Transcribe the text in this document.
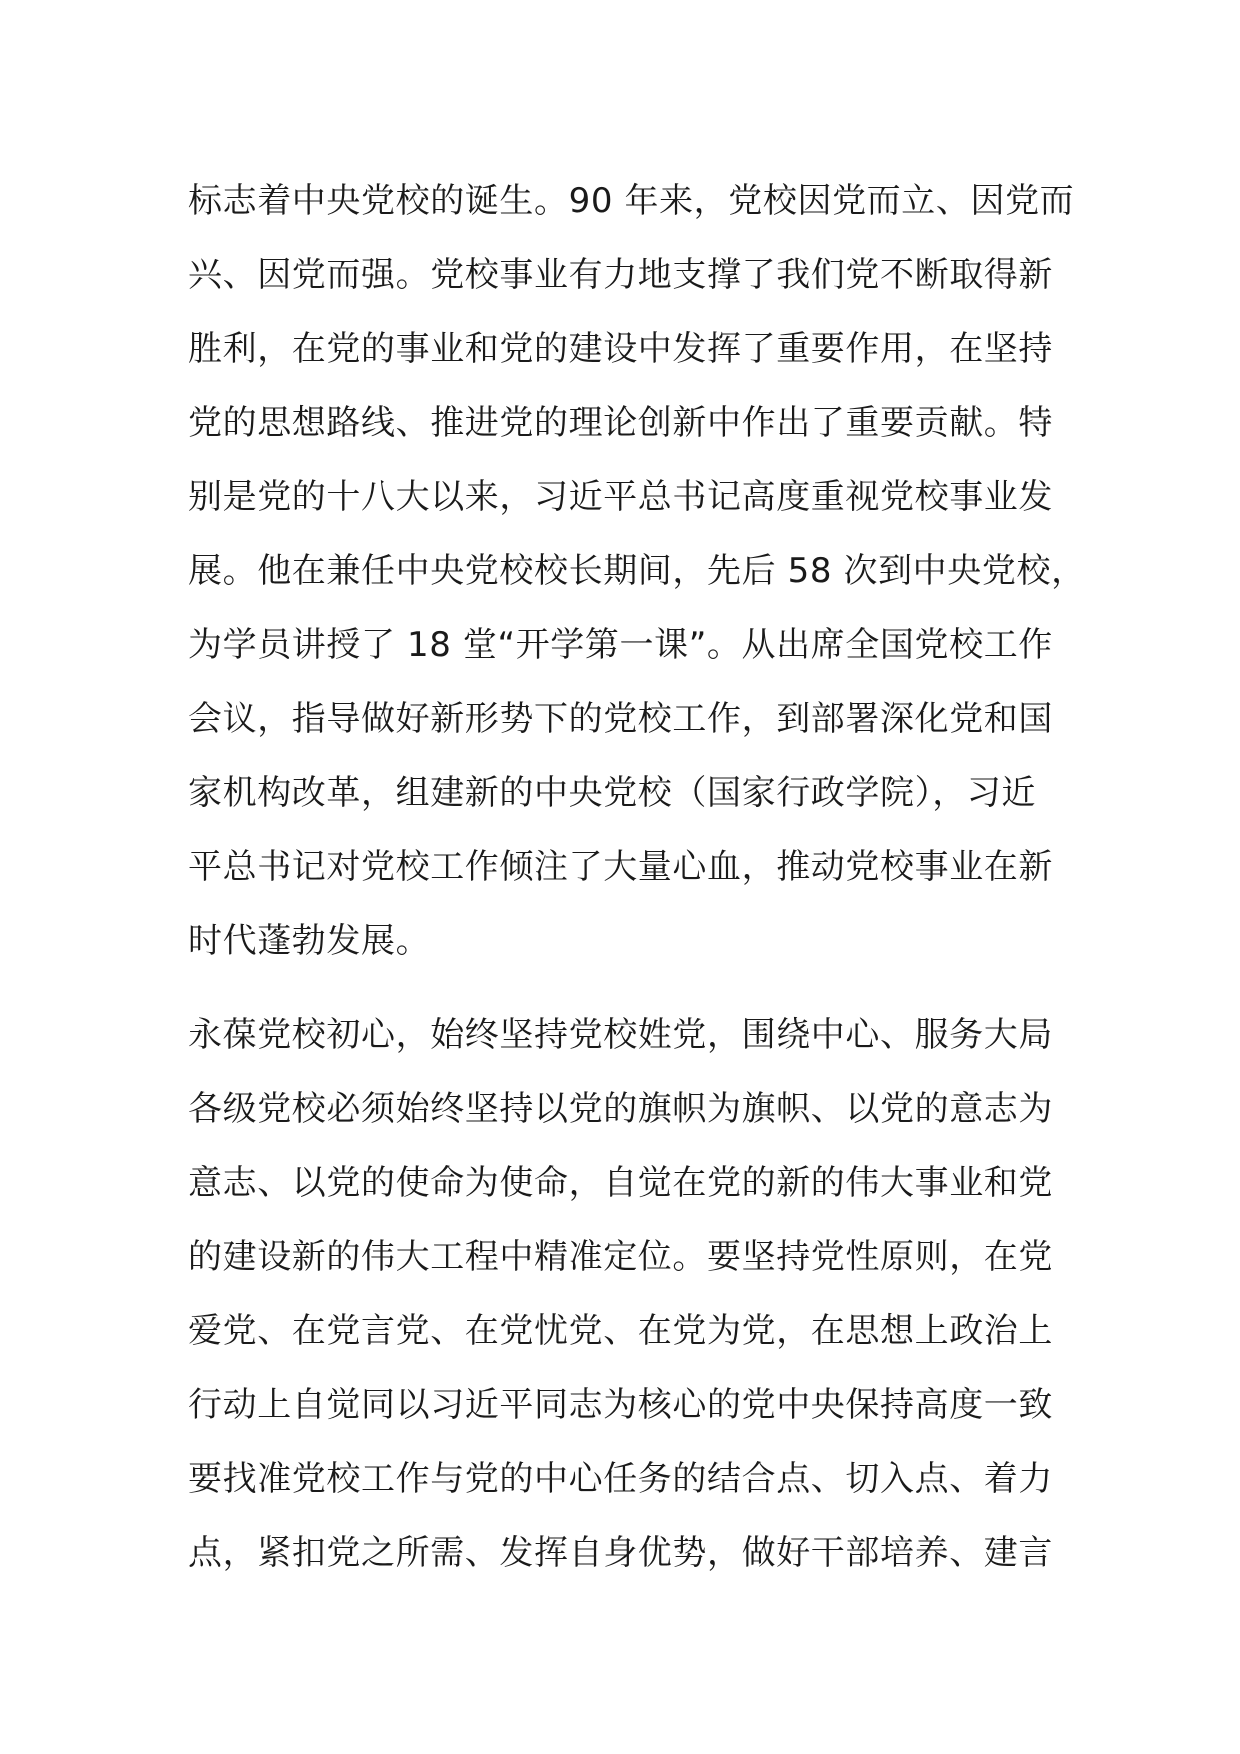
标志着中央党校的诞生。90 年来，党校因党而立、因党而
兴、因党而强。党校事业有力地支撑了我们党不断取得新
胜利，在党的事业和党的建设中发挥了重要作用，在坚持
党的思想路线、推进党的理论创新中作出了重要贡献。特
别是党的十八大以来，习近平总书记高度重视党校事业发
展。他在兼任中央党校校长期间，先后 58 次到中央党校，
为学员讲授了 18 堂“开学第一课”。从出席全国党校工作
会议，指导做好新形势下的党校工作，到部署深化党和国
家机构改革，组建新的中央党校（国家行政学院），习近
平总书记对党校工作倾注了大量心血，推动党校事业在新
时代蓬勃发展。
永葆党校初心，始终坚持党校姓党，围绕中心、服务大局
各级党校必须始终坚持以党的旗帜为旗帜、以党的意志为
意志、以党的使命为使命，自觉在党的新的伟大事业和党
的建设新的伟大工程中精准定位。要坚持党性原则，在党
爱党、在党言党、在党忧党、在党为党，在思想上政治上
行动上自觉同以习近平同志为核心的党中央保持高度一致
要找准党校工作与党的中心任务的结合点、切入点、着力
点，紧扣党之所需、发挥自身优势，做好干部培养、建言
